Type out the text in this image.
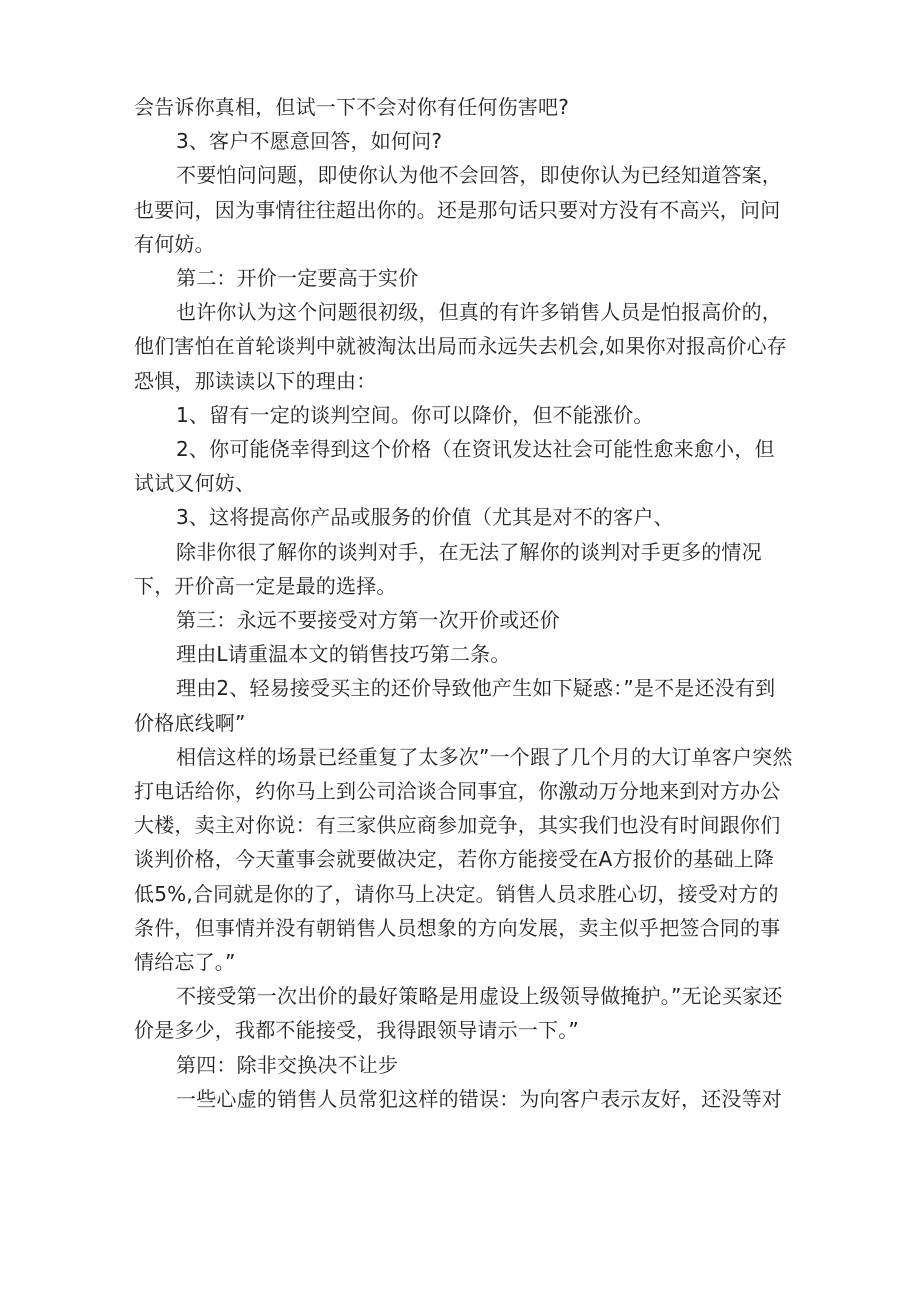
会告诉你真相，但试一下不会对你有任何伤害吧?

3、客户不愿意回答，如何问?

不要怕问问题，即使你认为他不会回答，即使你认为已经知道答案，也要问，因为事情往往超出你的。还是那句话只要对方没有不高兴，问问有何妨。

第二：开价一定要高于实价

也许你认为这个问题很初级，但真的有许多销售人员是怕报高价的，他们害怕在首轮谈判中就被淘汰出局而永远失去机会,如果你对报高价心存恐惧，那读读以下的理由：

1、留有一定的谈判空间。你可以降价，但不能涨价。

2、你可能侥幸得到这个价格（在资讯发达社会可能性愈来愈小，但试试又何妨、

3、这将提高你产品或服务的价值（尤其是对不的客户、

除非你很了解你的谈判对手，在无法了解你的谈判对手更多的情况下，开价高一定是最的选择。

第三：永远不要接受对方第一次开价或还价

理由L请重温本文的销售技巧第二条。

理由2、轻易接受买主的还价导致他产生如下疑惑：”是不是还没有到价格底线啊”

相信这样的场景已经重复了太多次”一个跟了几个月的大订单客户突然打电话给你，约你马上到公司洽谈合同事宜，你激动万分地来到对方办公大楼，卖主对你说：有三家供应商参加竞争，其实我们也没有时间跟你们谈判价格，今天董事会就要做决定，若你方能接受在A方报价的基础上降低5%,合同就是你的了，请你马上决定。销售人员求胜心切，接受对方的条件，但事情并没有朝销售人员想象的方向发展，卖主似乎把签合同的事情给忘了。”

不接受第一次出价的最好策略是用虚设上级领导做掩护。”无论买家还价是多少，我都不能接受，我得跟领导请示一下。”

第四：除非交换决不让步

一些心虚的销售人员常犯这样的错误：为向客户表示友好，还没等对
